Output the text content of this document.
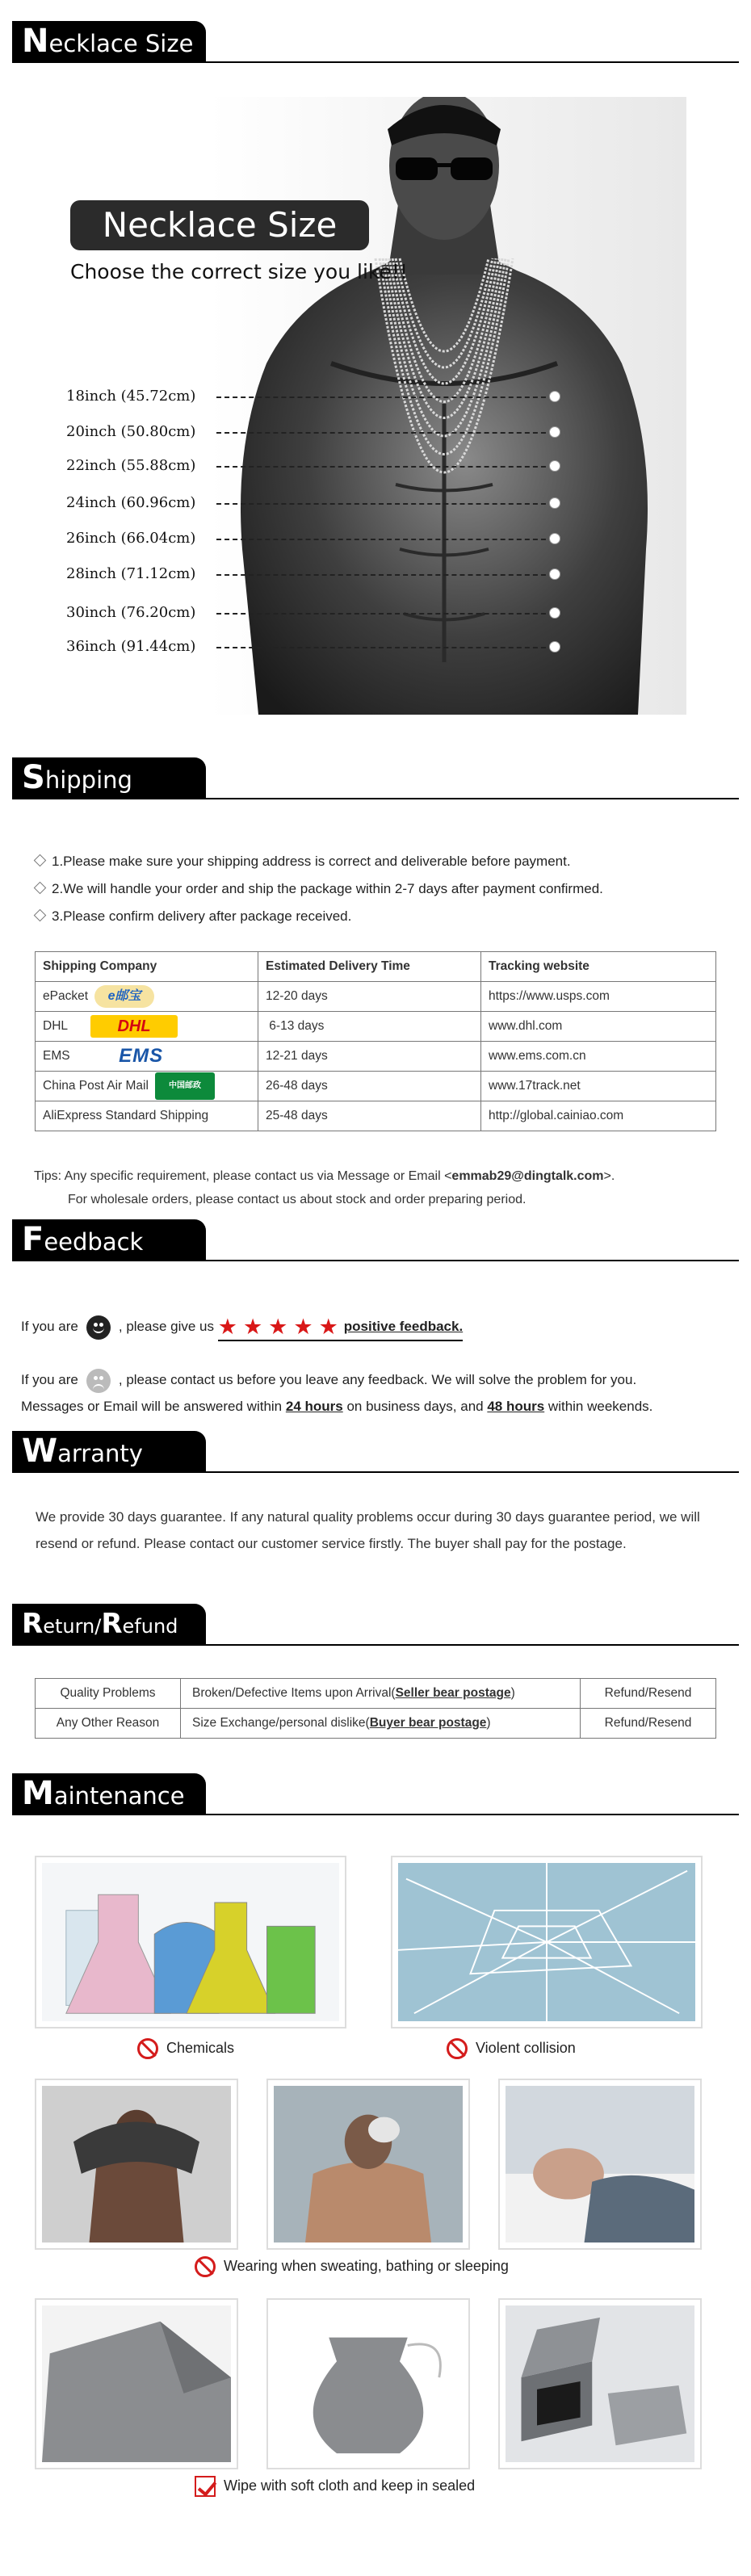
Necklace Size
Necklace Size
Choose the correct size you like!!
18inch (45.72cm)
20inch (50.80cm)
22inch (55.88cm)
24inch (60.96cm)
26inch (66.04cm)
28inch (71.12cm)
30inch (76.20cm)
36inch (91.44cm)
Shipping
1.Please make sure your shipping address is correct and deliverable before payment.
2.We will handle your order and ship the package within 2-7 days after payment confirmed.
3.Please confirm delivery after package received.
Shipping Company	Estimated Delivery Time	Tracking website
ePacket e邮宝	12-20 days	https://www.usps.com
DHL DHL	6-13 days	www.dhl.com
EMS EMS	12-21 days	www.ems.com.cn
China Post Air Mail 中国邮政	26-48 days	www.17track.net
AliExpress Standard Shipping	25-48 days	http://global.cainiao.com
Tips: Any specific requirement, please contact us via Message or Email <emmab29@dingtalk.com>.
For wholesale orders, please contact us about stock and order preparing period.
Feedback
If you are	, please give us ★★★★★positive feedback.
If you are	, please contact us before you leave any feedback. We will solve the problem for you.
Messages or Email will be answered within 24 hours on business days, and 48 hours within weekends.
Warranty
We provide 30 days guarantee. If any natural quality problems occur during 30 days guarantee period, we will resend or refund. Please contact our customer service firstly. The buyer shall pay for the postage.
Return/Refund
Quality Problems	Broken/Defective Items upon Arrival(Seller bear postage)	Refund/Resend
Any Other Reason	Size Exchange/personal dislike(Buyer bear postage)	Refund/Resend
Maintenance
Chemicals	Violent collision
Wearing when sweating, bathing or sleeping
Wipe with soft cloth and keep in sealed
